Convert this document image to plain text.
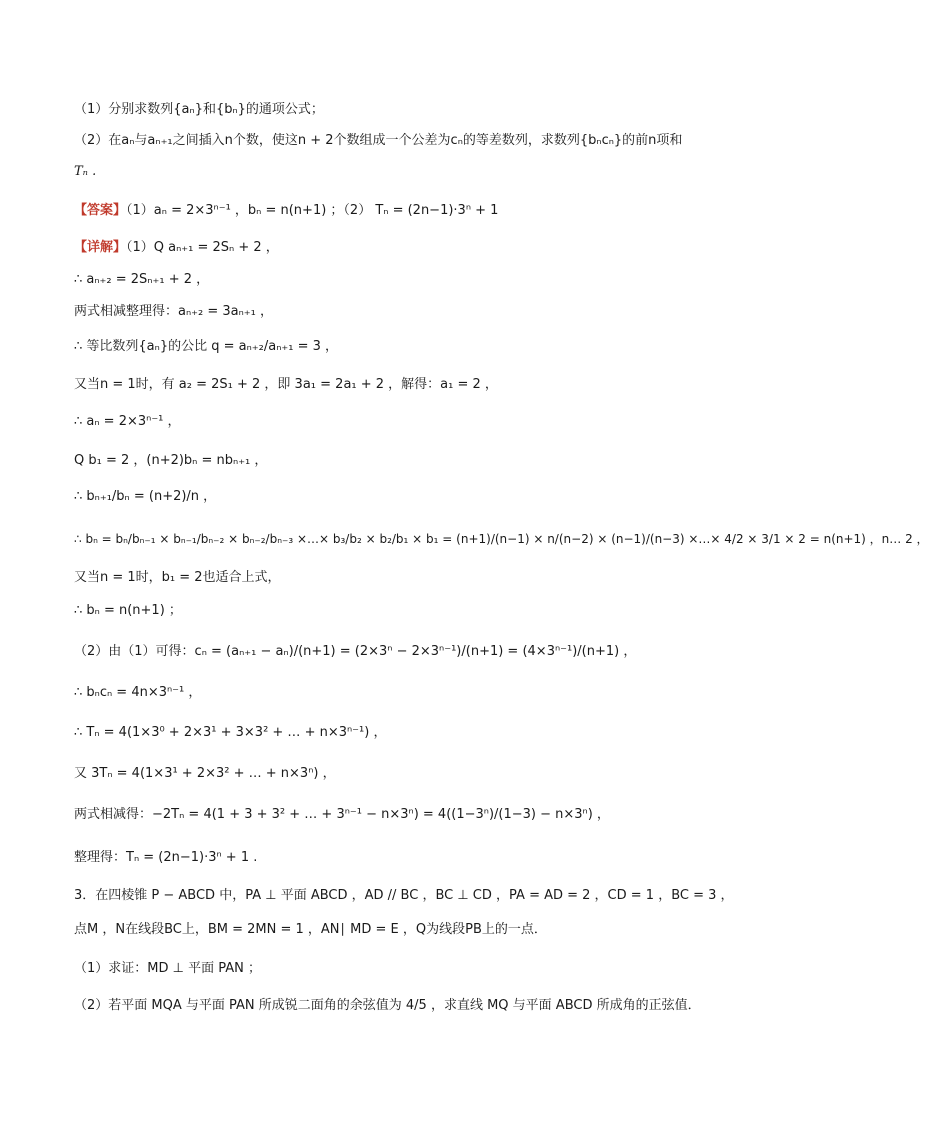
（1）分别求数列{aₙ}和{bₙ}的通项公式；
（2）在aₙ与aₙ₊₁之间插入n个数，使这n + 2个数组成一个公差为cₙ的等差数列，求数列{bₙcₙ}的前n项和
Tₙ .
【答案】（1）aₙ = 2×3ⁿ⁻¹ ，bₙ = n(n+1) ；（2） Tₙ = (2n−1)·3ⁿ + 1
【详解】（1）Q aₙ₊₁ = 2Sₙ + 2 ，
∴ aₙ₊₂ = 2Sₙ₊₁ + 2 ，
两式相减整理得：aₙ₊₂ = 3aₙ₊₁ ，
∴ 等比数列{aₙ}的公比 q = aₙ₊₂/aₙ₊₁ = 3 ，
又当n = 1时，有 a₂ = 2S₁ + 2 ，即 3a₁ = 2a₁ + 2 ，解得：a₁ = 2 ，
∴ aₙ = 2×3ⁿ⁻¹ ，
Q b₁ = 2 ，(n+2)bₙ = nbₙ₊₁ ，
∴ bₙ₊₁/bₙ = (n+2)/n ，
∴ bₙ = bₙ/bₙ₋₁ × bₙ₋₁/bₙ₋₂ × bₙ₋₂/bₙ₋₃ ×…× b₃/b₂ × b₂/b₁ × b₁ = (n+1)/(n−1) × n/(n−2) × (n−1)/(n−3) ×…× 4/2 × 3/1 × 2 = n(n+1) ，n… 2 ，
又当n = 1时，b₁ = 2也适合上式，
∴ bₙ = n(n+1) ；
（2）由（1）可得：cₙ = (aₙ₊₁ − aₙ)/(n+1) = (2×3ⁿ − 2×3ⁿ⁻¹)/(n+1) = (4×3ⁿ⁻¹)/(n+1) ，
∴ bₙcₙ = 4n×3ⁿ⁻¹ ，
∴ Tₙ = 4(1×3⁰ + 2×3¹ + 3×3² + … + n×3ⁿ⁻¹) ，
又 3Tₙ = 4(1×3¹ + 2×3² + … + n×3ⁿ) ，
两式相减得：−2Tₙ = 4(1 + 3 + 3² + … + 3ⁿ⁻¹ − n×3ⁿ) = 4((1−3ⁿ)/(1−3) − n×3ⁿ) ，
整理得：Tₙ = (2n−1)·3ⁿ + 1 .
3．在四棱锥 P − ABCD 中，PA ⊥ 平面 ABCD ，AD // BC ，BC ⊥ CD ，PA = AD = 2 ，CD = 1 ，BC = 3 ，
点M ，N在线段BC上，BM = 2MN = 1 ，AN∣ MD = E ，Q为线段PB上的一点．
（1）求证：MD ⊥ 平面 PAN ；
（2）若平面 MQA 与平面 PAN 所成锐二面角的余弦值为 4/5 ，求直线 MQ 与平面 ABCD 所成角的正弦值．
